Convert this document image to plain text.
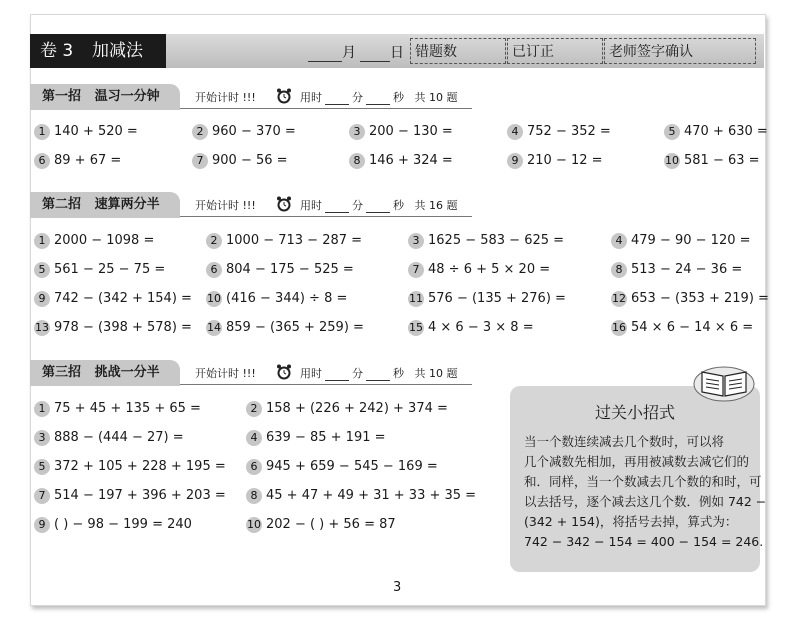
卷 3 加减法	月 日 错题数	已订正	老师签字确认
第一招   温习一分钟	开始计时 !!!	用时	分	秒 共 10 题
第二招   速算两分半	开始计时 !!!	用时	分	秒 共 16 题
第三招   挑战一分半	开始计时 !!!	用时	分	秒 共 10 题
1 140 + 520 =	2 960 − 370 =	3 200 − 130 =	4 752 − 352 =	5 470 + 630 =
6 89 + 67 =	7 900 − 56 =	8 146 + 324 =	9 210 − 12 =	10 581 − 63 =
1 2000 − 1098 =	2 1000 − 713 − 287 =	3 1625 − 583 − 625 =	4 479 − 90 − 120 =
5 561 − 25 − 75 =	6 804 − 175 − 525 =	7 48 ÷ 6 + 5 × 20 =	8 513 − 24 − 36 =
9 742 − (342 + 154) = 10 (416 − 344) ÷ 8 =	11 576 − (135 + 276) =	12 653 − (353 + 219) =
13 978 − (398 + 578) = 14 859 − (365 + 259) =	15 4 × 6 − 3 × 8 =	16 54 × 6 − 14 × 6 =
1 75 + 45 + 135 + 65 =	2 158 + (226 + 242) + 374 =
3 888 − (444 − 27) =	4 639 − 85 + 191 =
5 372 + 105 + 228 + 195 =	6 945 + 659 − 545 − 169 =
7 514 − 197 + 396 + 203 =	8 45 + 47 + 49 + 31 + 33 + 35 =
9 ( ) − 98 − 199 = 240	10 202 − ( ) + 56 = 87
过关小招式
当一个数连续减去几个数时，可以将
几个减数先相加，再用被减数去减它们的
和．同样，当一个数减去几个数的和时，可
以去括号，逐个减去这几个数．例如 742 −
(342 + 154)，将括号去掉，算式为：
742 − 342 − 154 = 400 − 154 = 246.
3
